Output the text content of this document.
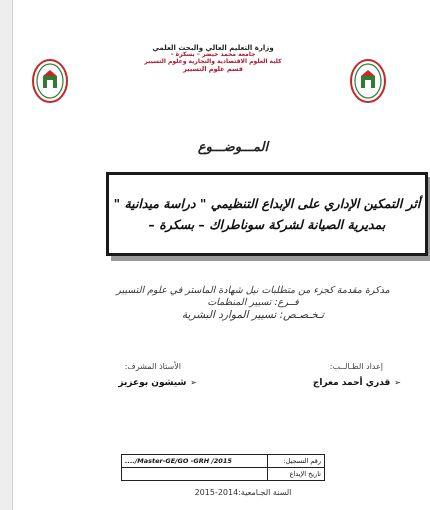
وزارة التعليم العالي والبحث العلمي
جامعة محمد خيضر – بسكرة –
كلية العلوم الاقتصادية والتجارية وعلوم التسيير
قسم علوم التسيير
المـــوضـــوع
أثر التمكين الإداري على الإبداع التنظيمي " دراسة ميدانية "
بمديرية الصيانة لشركة سوناطراك – بسكرة –
مذكرة مقدمة كجزء من متطلبات نيل شهادة الماستر في علوم التسيير
فــرع: تسيير المنظمات
تـخـصـص: تسيير الموارد البشرية
إعداد الطـالــب:
الأستاذ المشرف:
➢قدري أحمد معراج
➢شيشون بوعزيز
..../Master-GE/GO -GRH /2015	رقم التسجيل:
	تاريخ الإيداع
السنة الجـامعية:2014-2015
